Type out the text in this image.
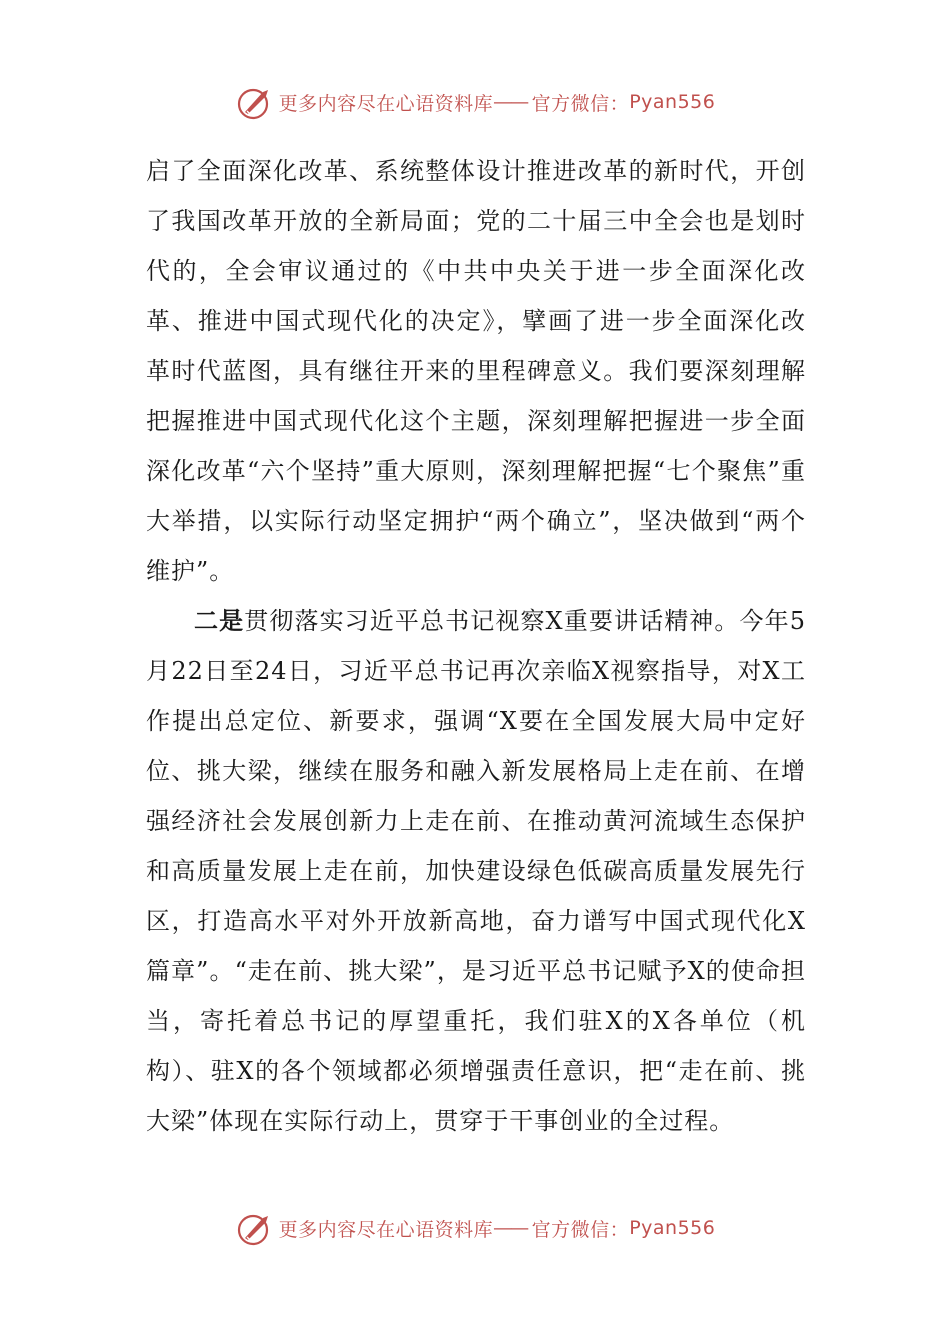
更多内容尽在心语资料库 — — 官方微信： Pyan556

启了全面深化改革、系统整体设计推进改革的新时代，开创了我国改革开放的全新局面；党的二十届三中全会也是划时代的，全会审议通过的《中共中央关于进一步全面深化改革、推进中国式现代化的决定》，擘画了进一步全面深化改革时代蓝图，具有继往开来的里程碑意义。我们要深刻理解把握推进中国式现代化这个主题，深刻理解把握进一步全面深化改革“六个坚持”重大原则，深刻理解把握“七个聚焦”重大举措，以实际行动坚定拥护“两个确立”，坚决做到“两个维护”。

二是贯彻落实习近平总书记视察X重要讲话精神。今年5月22日至24日，习近平总书记再次亲临X视察指导，对X工作提出总定位、新要求，强调“X要在全国发展大局中定好位、挑大梁，继续在服务和融入新发展格局上走在前、在增强经济社会发展创新力上走在前、在推动黄河流域生态保护和高质量发展上走在前，加快建设绿色低碳高质量发展先行区，打造高水平对外开放新高地，奋力谱写中国式现代化X篇章”。“走在前、挑大梁”，是习近平总书记赋予X的使命担当，寄托着总书记的厚望重托，我们驻X的X各单位（机构）、驻X的各个领域都必须增强责任意识，把“走在前、挑大梁”体现在实际行动上，贯穿于干事创业的全过程。

更多内容尽在心语资料库 — — 官方微信： Pyan556
